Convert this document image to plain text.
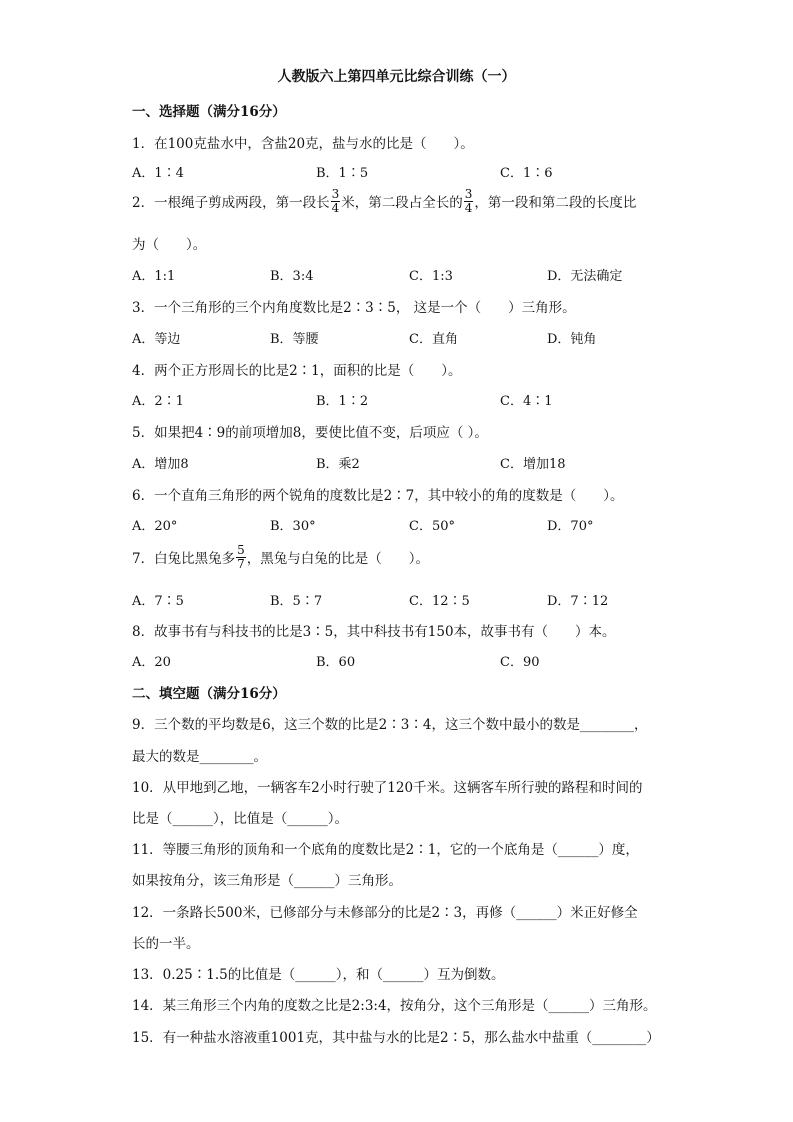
人教版六上第四单元比综合训练（一）
一、选择题（满分16分）
1．在100克盐水中，含盐20克，盐与水的比是（　　）。
A．1∶4	B．1∶5	C．1∶6
2．一根绳子剪成两段，第一段长 $\frac{3}{4}$ 米，第二段占全长的 $\frac{3}{4}$ ，第一段和第二段的长度比
为（　　）。
A．1:1	B．3:4	C．1:3	D．无法确定
3．一个三角形的三个内角度数比是2∶3∶5， 这是一个（　　）三角形。
A．等边	B．等腰	C．直角	D．钝角
4．两个正方形周长的比是2∶1，面积的比是（　　）。
A．2∶1	B．1∶2	C．4∶1
5．如果把4∶9的前项增加8，要使比值不变，后项应（ ）。
A．增加8	B．乘2	C．增加18
6．一个直角三角形的两个锐角的度数比是2∶7，其中较小的角的度数是（　　）。
A．20°	B．30°	C．50°	D．70°
7．白兔比黑兔多 $\frac{5}{7}$ ，黑兔与白兔的比是（　　）。
A．7∶5	B．5∶7	C．12∶5	D．7∶12
8．故事书有与科技书的比是3∶5，其中科技书有150本，故事书有（　　）本。
A．20	B．60	C．90
二、填空题（满分16分）
9．三个数的平均数是6，这三个数的比是2∶3∶4，这三个数中最小的数是________，
最大的数是________。
10．从甲地到乙地，一辆客车2小时行驶了120千米。这辆客车所行驶的路程和时间的
比是（______），比值是（______）。
11．等腰三角形的顶角和一个底角的度数比是2∶1，它的一个底角是（______）度，
如果按角分，该三角形是（______）三角形。
12．一条路长500米，已修部分与未修部分的比是2∶3，再修（______）米正好修全
长的一半。
13．0.25∶1.5的比值是（______），和（______）互为倒数。
14．某三角形三个内角的度数之比是2:3:4，按角分，这个三角形是（______）三角形。
15．有一种盐水溶液重1001克，其中盐与水的比是2∶5，那么盐水中盐重（________）
